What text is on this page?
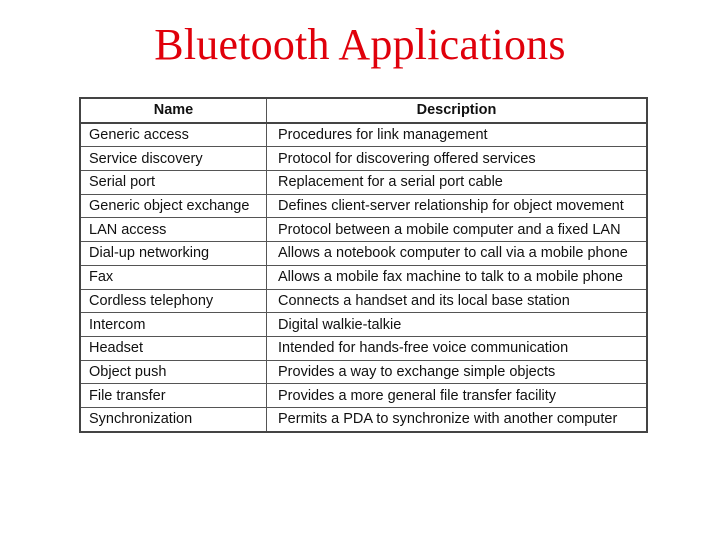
Bluetooth Applications
Name	Description
Generic access	Procedures for link management
Service discovery	Protocol for discovering offered services
Serial port	Replacement for a serial port cable
Generic object exchange	Defines client-server relationship for object movement
LAN access	Protocol between a mobile computer and a fixed LAN
Dial-up networking	Allows a notebook computer to call via a mobile phone
Fax	Allows a mobile fax machine to talk to a mobile phone
Cordless telephony	Connects a handset and its local base station
Intercom	Digital walkie-talkie
Headset	Intended for hands-free voice communication
Object push	Provides a way to exchange simple objects
File transfer	Provides a more general file transfer facility
Synchronization	Permits a PDA to synchronize with another computer
